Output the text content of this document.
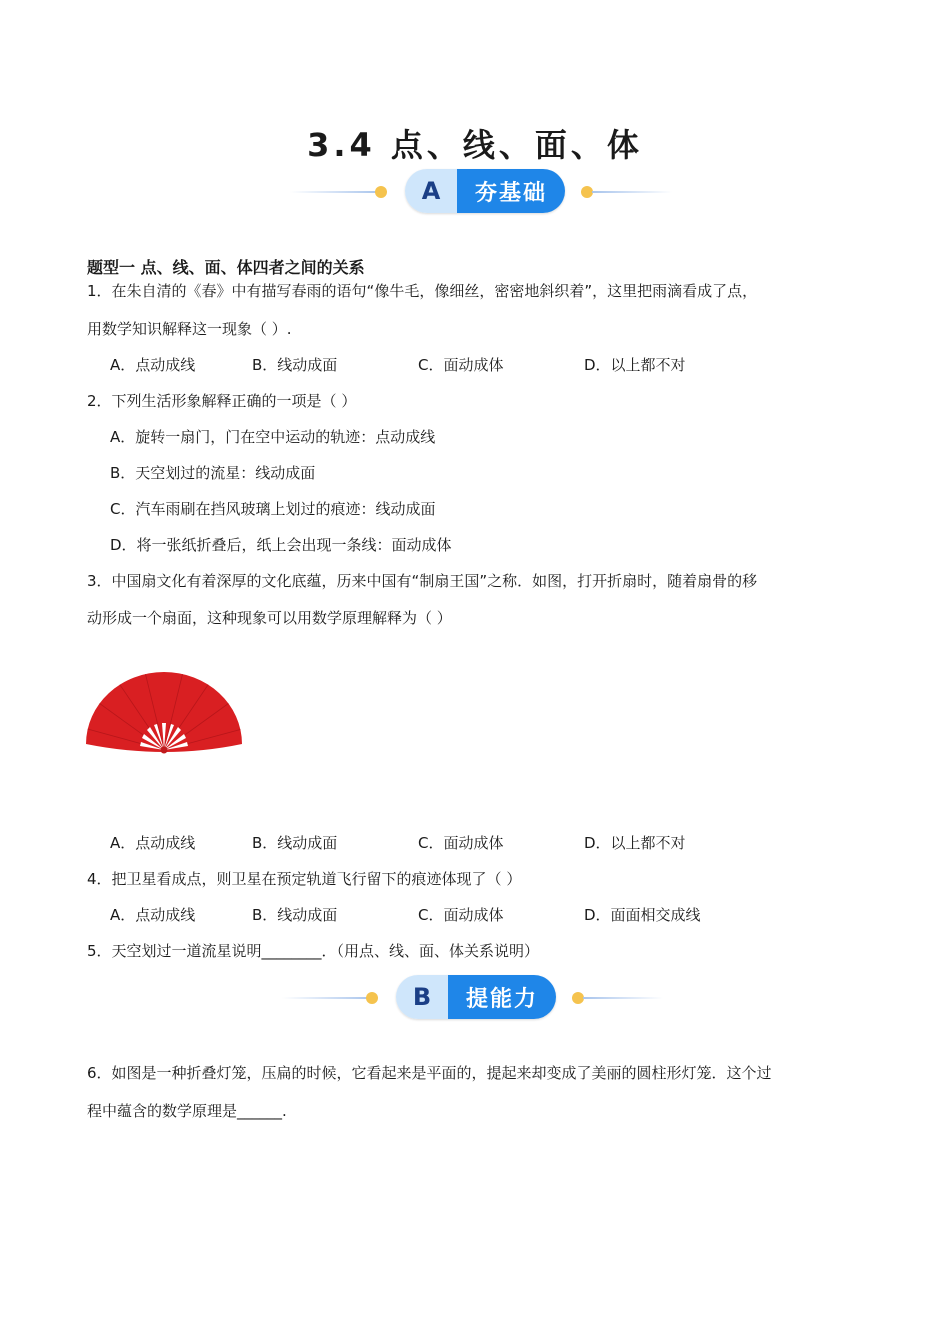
3.4 点、线、面、体
A	夯基础
题型一 点、线、面、体四者之间的关系
1．在朱自清的《春》中有描写春雨的语句“像牛毛，像细丝，密密地斜织着”，这里把雨滴看成了点，
用数学知识解释这一现象（ ）.
A．点动成线	B．线动成面	C．面动成体	D．以上都不对
2．下列生活形象解释正确的一项是（ ）
A．旋转一扇门，门在空中运动的轨迹：点动成线
B．天空划过的流星：线动成面
C．汽车雨刷在挡风玻璃上划过的痕迹：线动成面
D．将一张纸折叠后，纸上会出现一条线：面动成体
3．中国扇文化有着深厚的文化底蕴，历来中国有“制扇王国”之称．如图，打开折扇时，随着扇骨的移
动形成一个扇面，这种现象可以用数学原理解释为（ ）
A．点动成线	B．线动成面	C．面动成体	D．以上都不对
4．把卫星看成点，则卫星在预定轨道飞行留下的痕迹体现了（ ）
A．点动成线	B．线动成面	C．面动成体	D．面面相交成线
5．天空划过一道流星说明________．（用点、线、面、体关系说明）
B	提能力
6．如图是一种折叠灯笼，压扁的时候，它看起来是平面的，提起来却变成了美丽的圆柱形灯笼．这个过
程中蕴含的数学原理是______.
